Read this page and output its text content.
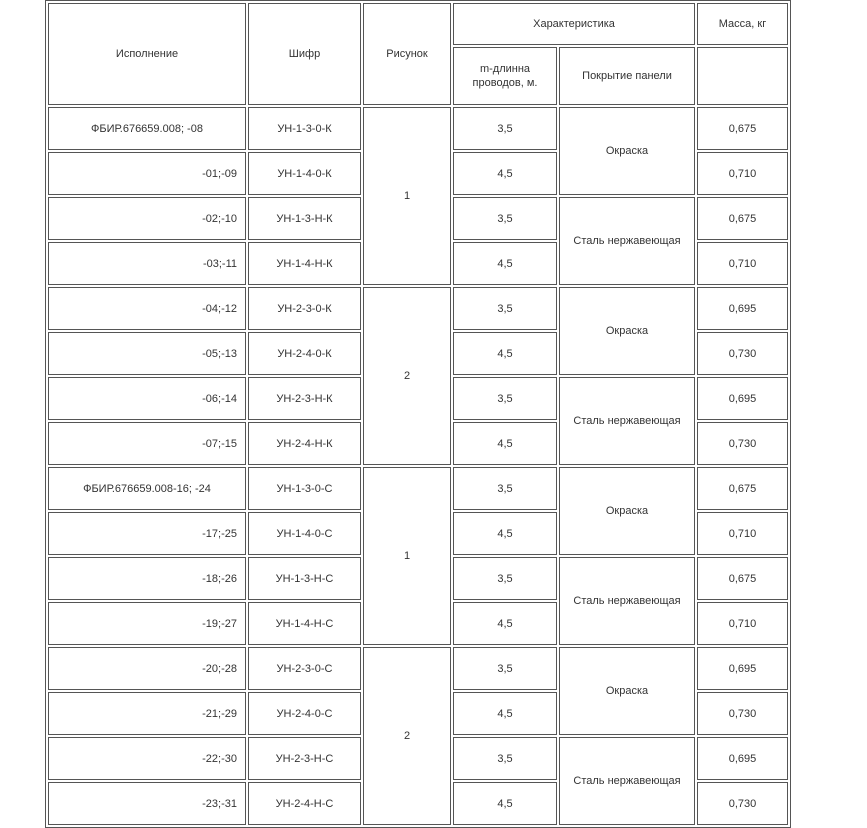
Исполнение	Шифр	Рисунок	Характеристика		Масса, кг
			m-длинна проводов, м.	Покрытие панели	
ФБИР.676659.008; -08	УН-1-3-0-К	1	3,5	Окраска	0,675
-01;-09	УН-1-4-0-К		4,5		0,710
-02;-10	УН-1-3-Н-К		3,5	Сталь нержавеющая	0,675
-03;-11	УН-1-4-Н-К		4,5		0,710
-04;-12	УН-2-3-0-К	2	3,5	Окраска	0,695
-05;-13	УН-2-4-0-К		4,5		0,730
-06;-14	УН-2-3-Н-К		3,5	Сталь нержавеющая	0,695
-07;-15	УН-2-4-Н-К		4,5		0,730
ФБИР.676659.008-16; -24	УН-1-3-0-С	1	3,5	Окраска	0,675
-17;-25	УН-1-4-0-С		4,5		0,710
-18;-26	УН-1-3-Н-С		3,5	Сталь нержавеющая	0,675
-19;-27	УН-1-4-Н-С		4,5		0,710
-20;-28	УН-2-3-0-С	2	3,5	Окраска	0,695
-21;-29	УН-2-4-0-С		4,5		0,730
-22;-30	УН-2-3-Н-С		3,5	Сталь нержавеющая	0,695
-23;-31	УН-2-4-Н-С		4,5		0,730
